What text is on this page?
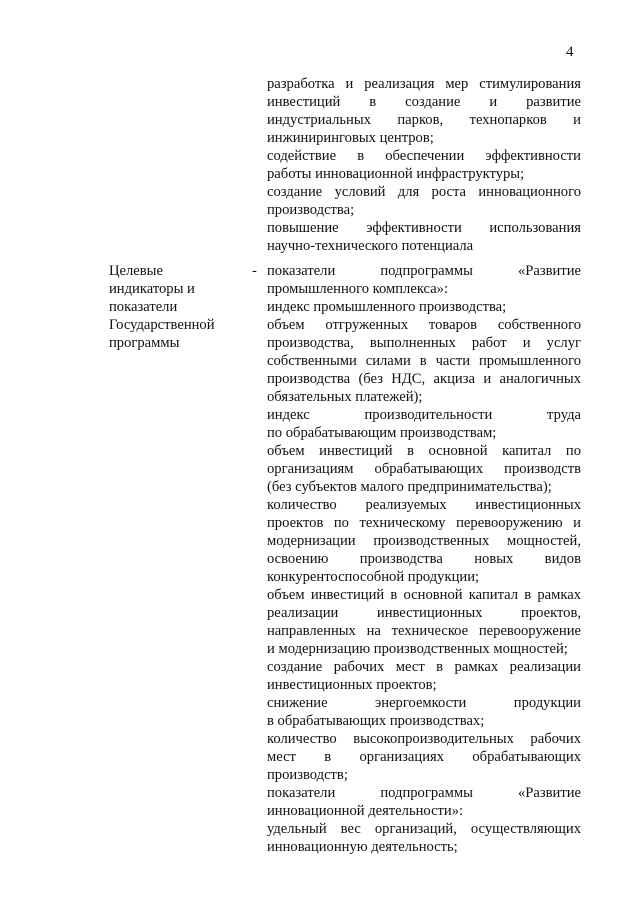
4

разработка и реализация мер стимулирования

инвестиций в создание и развитие

индустриальных парков, технопарков и

инжиниринговых центров;

содействие в обеспечении эффективности

работы инновационной инфраструктуры;

создание условий для роста инновационного

производства;

повышение эффективности использования

научно-технического потенциала

Целевые
индикаторы и
показатели
Государственной
программы
- показатели подпрограммы «Развитие

промышленного комплекса»:

индекс промышленного производства;

объем отгруженных товаров собственного

производства, выполненных работ и услуг

собственными силами в части промышленного

производства (без НДС, акциза и аналогичных

обязательных платежей);

индекс производительности труда

по обрабатывающим производствам;

объем инвестиций в основной капитал по

организациям обрабатывающих производств

(без субъектов малого предпринимательства);

количество реализуемых инвестиционных

проектов по техническому перевооружению и

модернизации производственных мощностей,

освоению производства новых видов

конкурентоспособной продукции;

объем инвестиций в основной капитал в рамках

реализации инвестиционных проектов,

направленных на техническое перевооружение

и модернизацию производственных мощностей;

создание рабочих мест в рамках реализации

инвестиционных проектов;

снижение энергоемкости продукции

в обрабатывающих производствах;

количество высокопроизводительных рабочих

мест в организациях обрабатывающих

производств;

показатели подпрограммы «Развитие

инновационной деятельности»:

удельный вес организаций, осуществляющих

инновационную деятельность;
